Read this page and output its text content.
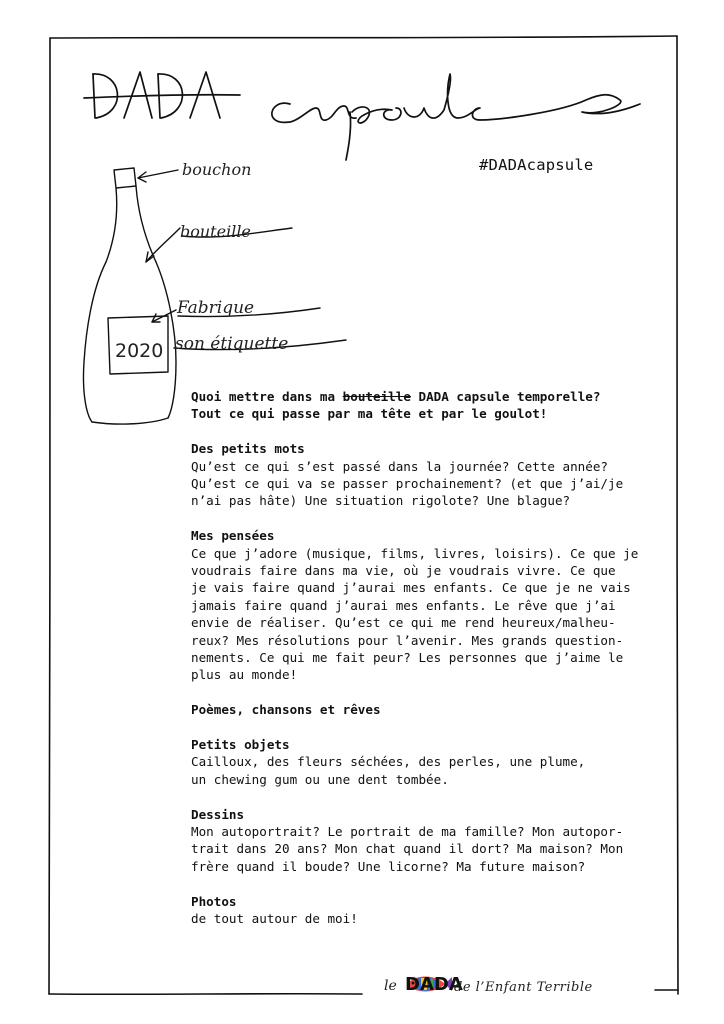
#DADAcapsule
bouchon
bouteille
Fabrique
son étiquette
2020

Quoi mettre dans ma bouteille DADA capsule temporelle?

Tout ce qui passe par ma tête et par le goulot!

Des petits mots

Qu’est ce qui s’est passé dans la journée? Cette année?

Qu’est ce qui va se passer prochainement? (et que j’ai/je

n’ai pas hâte) Une situation rigolote? Une blague?

Mes pensées

Ce que j’adore (musique, films, livres, loisirs). Ce que je

voudrais faire dans ma vie, où je voudrais vivre. Ce que

je vais faire quand j’aurai mes enfants. Ce que je ne vais

jamais faire quand j’aurai mes enfants. Le rêve que j’ai

envie de réaliser. Qu’est ce qui me rend heureux/malheu-

reux? Mes résolutions pour l’avenir. Mes grands question-

nements. Ce qui me fait peur? Les personnes que j’aime le

plus au monde!

Poèmes, chansons et rêves

Petits objets

Cailloux, des fleurs séchées, des perles, une plume,

un chewing gum ou une dent tombée.

Dessins

Mon autoportrait? Le portrait de ma famille? Mon autopor-

trait dans 20 ans? Mon chat quand il dort? Ma maison? Mon

frère quand il boude? Une licorne? Ma future maison?

Photos

de tout autour de moi!

le DADA
de l’Enfant Terrible
